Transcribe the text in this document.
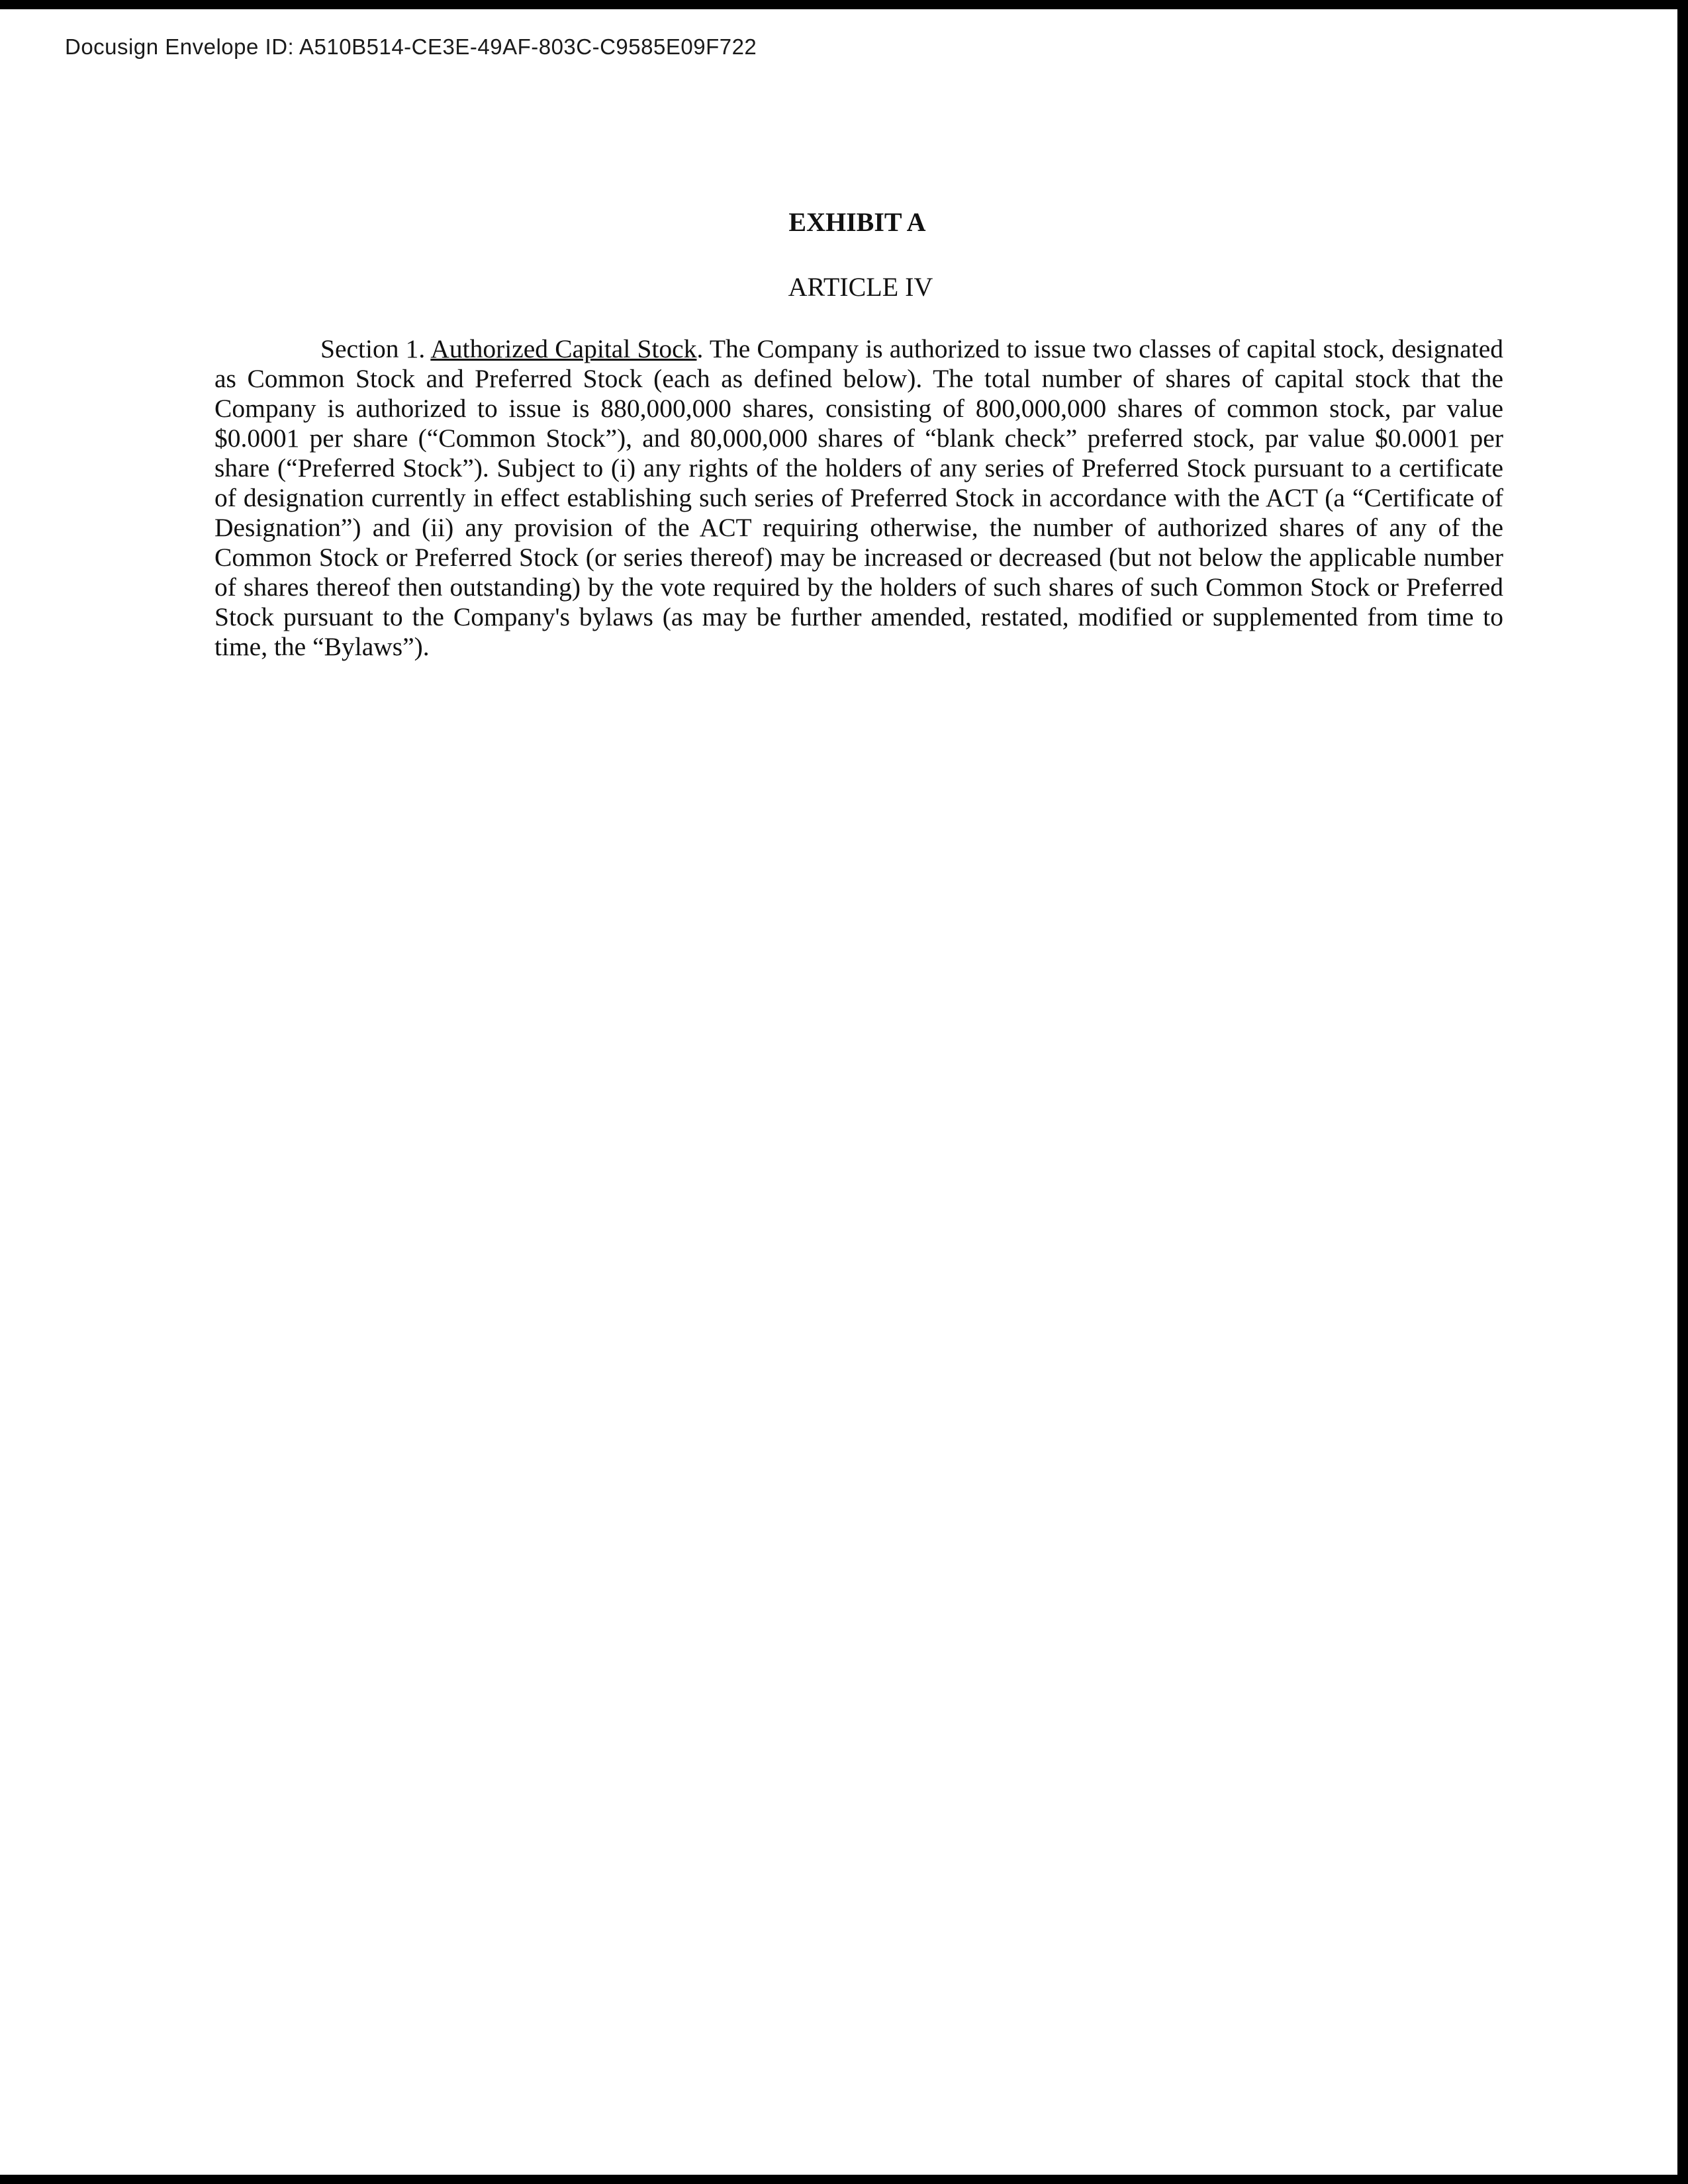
Docusign Envelope ID: A510B514-CE3E-49AF-803C-C9585E09F722
EXHIBIT A
ARTICLE IV

Section 1. Authorized Capital Stock. The Company is authorized to issue two classes of capital stock, designated as Common Stock and Preferred Stock (each as defined below). The total number of shares of capital stock that the Company is authorized to issue is 880,000,000 shares, consisting of 800,000,000 shares of common stock, par value $0.0001 per share (“Common Stock”), and 80,000,000 shares of “blank check” preferred stock, par value $0.0001 per share (“Preferred Stock”). Subject to (i) any rights of the holders of any series of Preferred Stock pursuant to a certificate of designation currently in effect establishing such series of Preferred Stock in accordance with the ACT (a “Certificate of Designation”) and (ii) any provision of the ACT requiring otherwise, the number of authorized shares of any of the Common Stock or Preferred Stock (or series thereof) may be increased or decreased (but not below the applicable number of shares thereof then outstanding) by the vote required by the holders of such shares of such Common Stock or Preferred Stock pursuant to the Company's bylaws (as may be further amended, restated, modified or supplemented from time to time, the “Bylaws”).
